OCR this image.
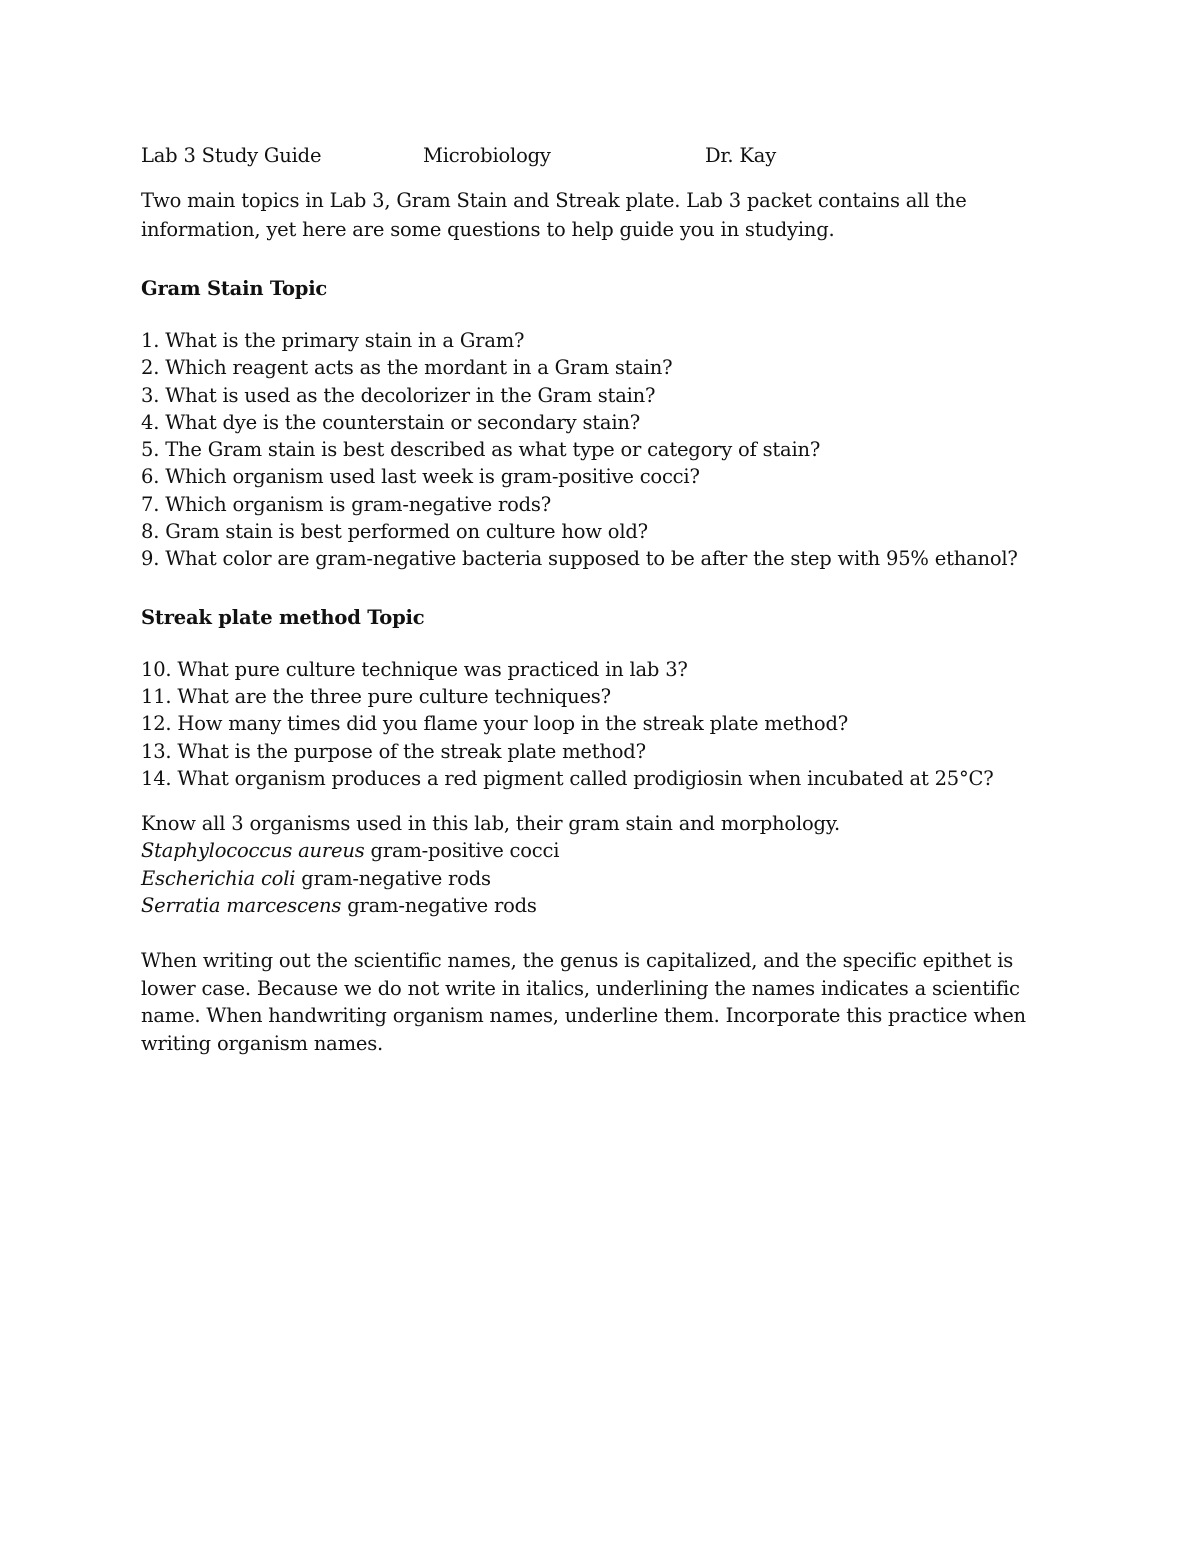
Lab 3 Study Guide	Microbiology	Dr. Kay
Two main topics in Lab 3, Gram Stain and Streak plate. Lab 3 packet contains all the information, yet here are some questions to help guide you in studying.
Gram Stain Topic
1. What is the primary stain in a Gram?
2. Which reagent acts as the mordant in a Gram stain?
3. What is used as the decolorizer in the Gram stain?
4. What dye is the counterstain or secondary stain?
5. The Gram stain is best described as what type or category of stain?
6. Which organism used last week is gram-positive cocci?
7. Which organism is gram-negative rods?
8. Gram stain is best performed on culture how old?
9. What color are gram-negative bacteria supposed to be after the step with 95% ethanol?
Streak plate method Topic
10. What pure culture technique was practiced in lab 3?
11. What are the three pure culture techniques?
12. How many times did you flame your loop in the streak plate method?
13. What is the purpose of the streak plate method?
14. What organism produces a red pigment called prodigiosin when incubated at 25°C?
Know all 3 organisms used in this lab, their gram stain and morphology.
Staphylococcus aureus gram-positive cocci
Escherichia coli gram-negative rods
Serratia marcescens gram-negative rods
When writing out the scientific names, the genus is capitalized, and the specific epithet is lower case. Because we do not write in italics, underlining the names indicates a scientific name. When handwriting organism names, underline them. Incorporate this practice when writing organism names.
